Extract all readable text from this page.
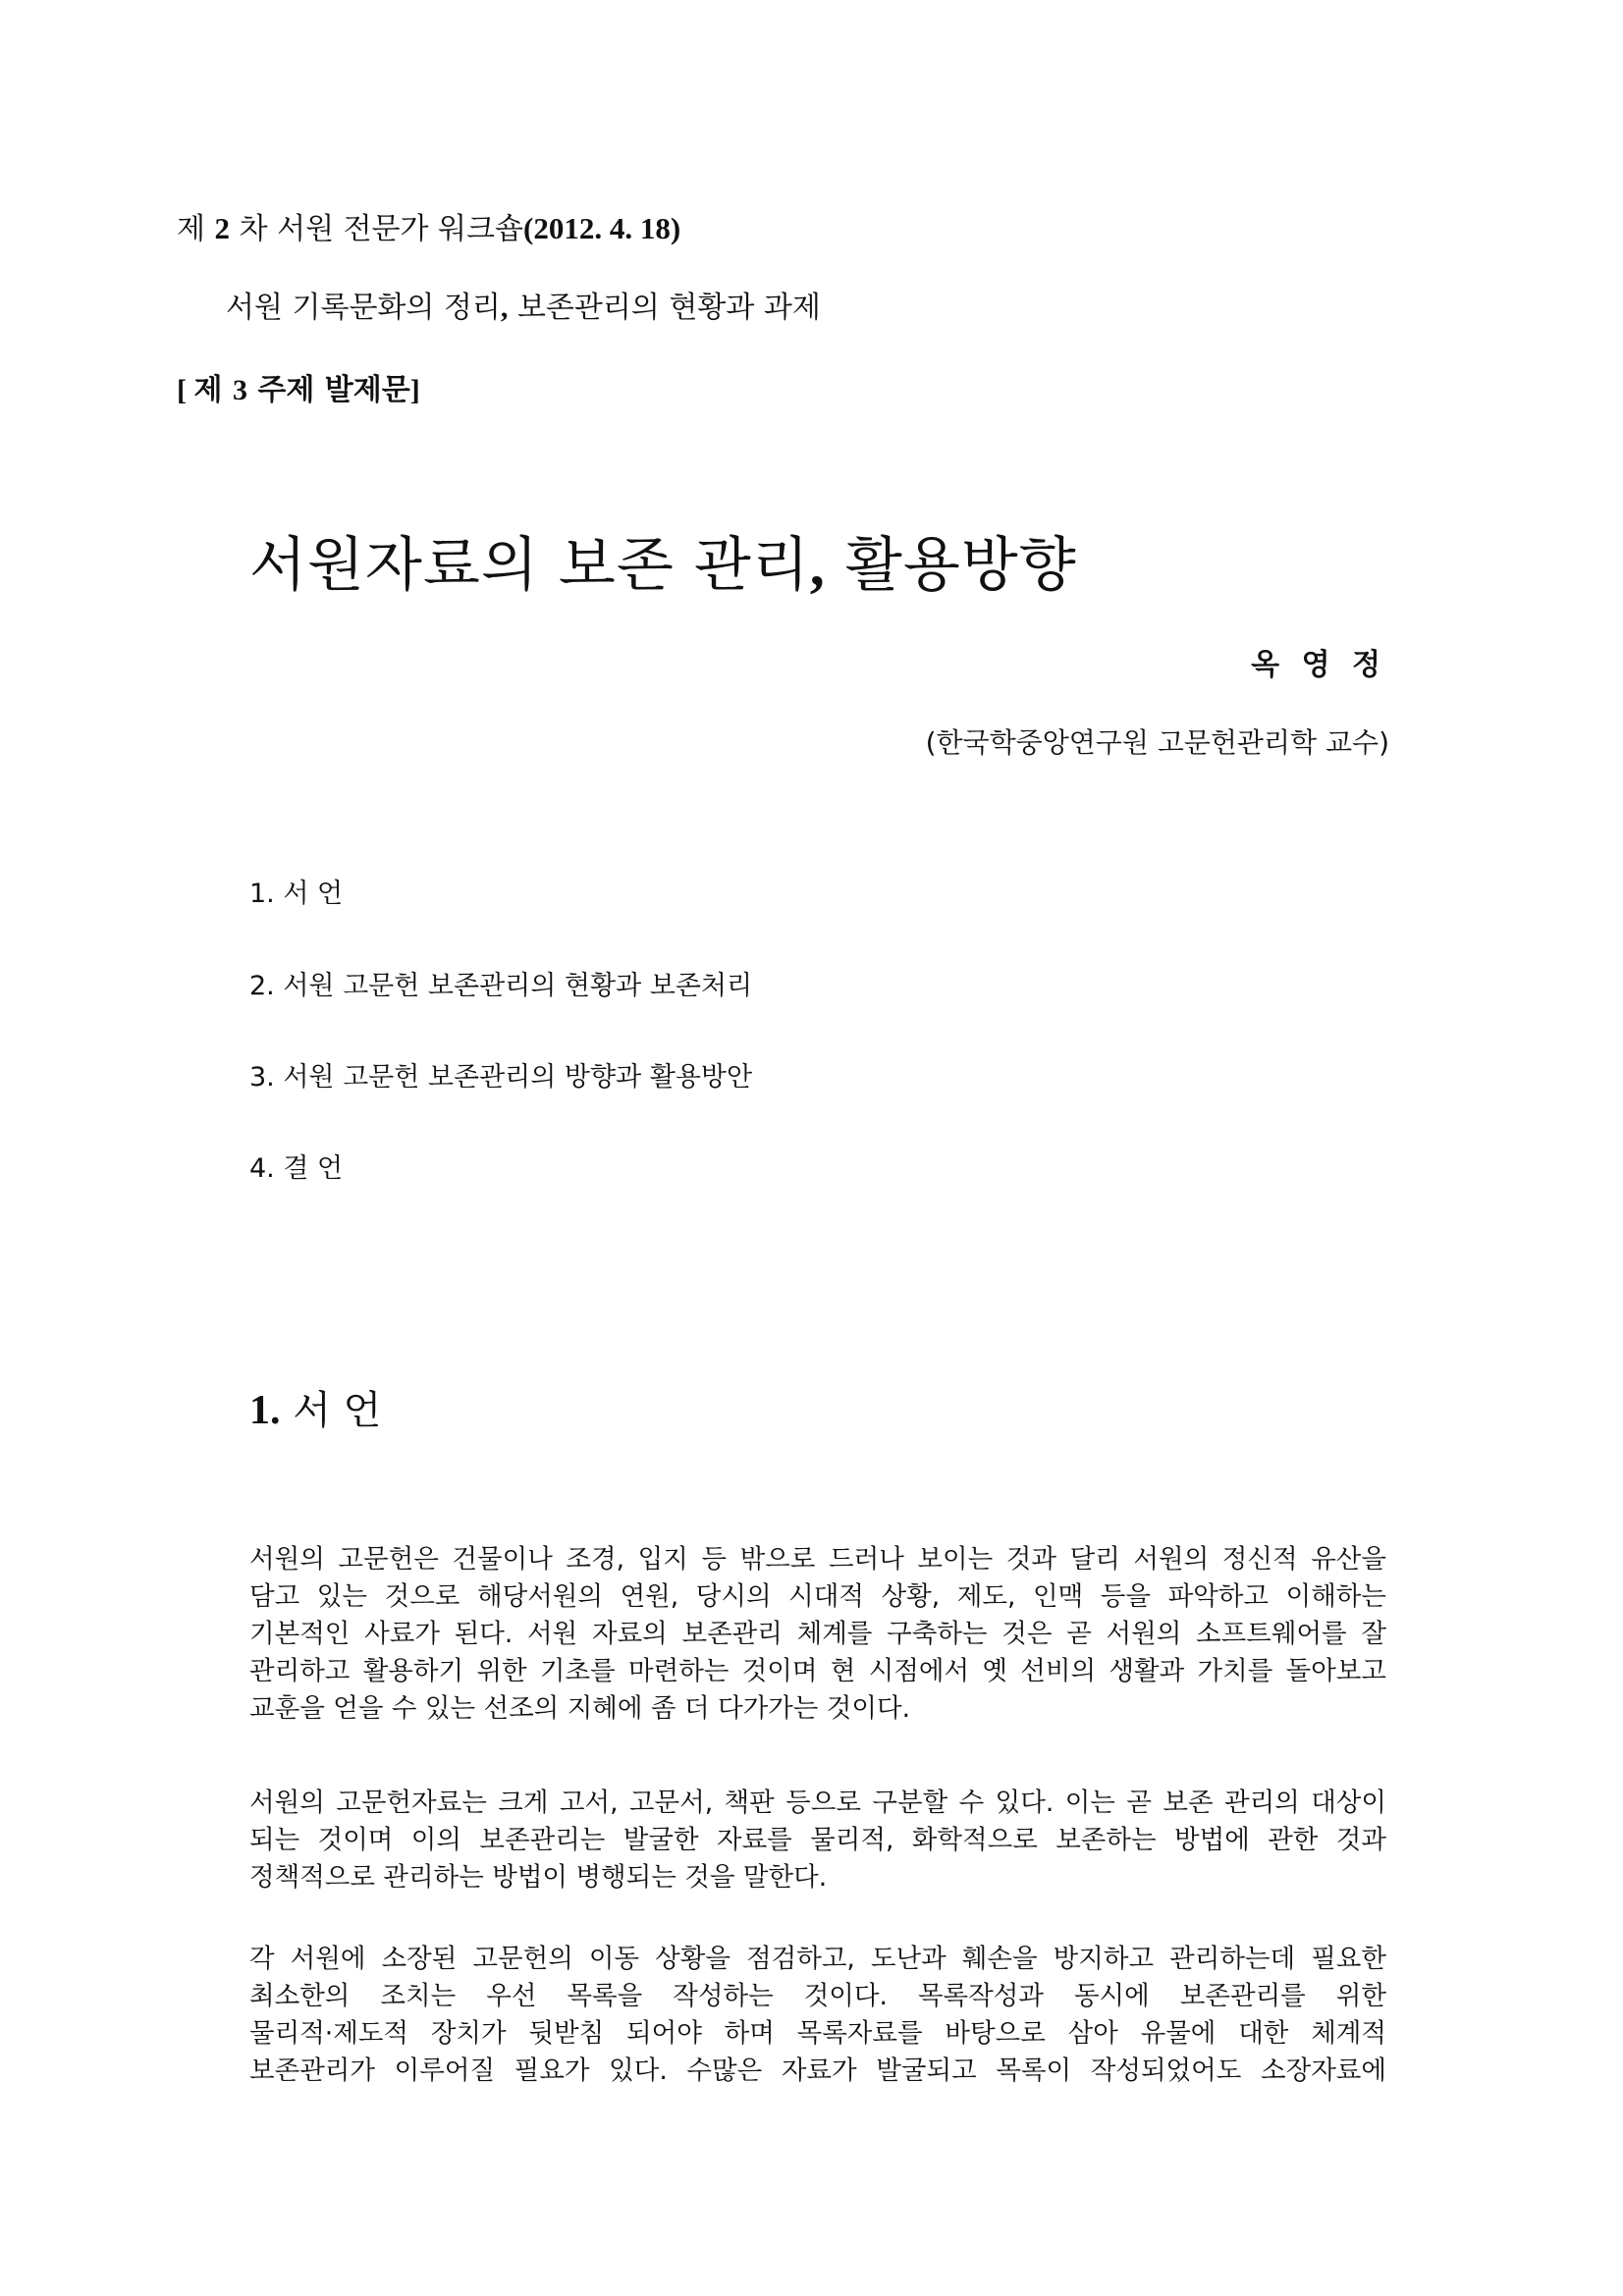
제 2 차 서원 전문가 워크숍(2012. 4. 18)
서원 기록문화의 정리, 보존관리의 현황과 과제
[ 제 3 주제 발제문]
서원자료의 보존 관리, 활용방향
옥 영 정
(한국학중앙연구원 고문헌관리학 교수)
1. 서 언
2. 서원 고문헌 보존관리의 현황과 보존처리
3. 서원 고문헌 보존관리의 방향과 활용방안
4. 결 언
1. 서 언
서원의 고문헌은 건물이나 조경, 입지 등 밖으로 드러나 보이는 것과 달리 서원의 정신적 유산을
담고 있는 것으로 해당서원의 연원, 당시의 시대적 상황, 제도, 인맥 등을 파악하고 이해하는
기본적인 사료가 된다. 서원 자료의 보존관리 체계를 구축하는 것은 곧 서원의 소프트웨어를 잘
관리하고 활용하기 위한 기초를 마련하는 것이며 현 시점에서 옛 선비의 생활과 가치를 돌아보고
교훈을 얻을 수 있는 선조의 지혜에 좀 더 다가가는 것이다.
서원의 고문헌자료는 크게 고서, 고문서, 책판 등으로 구분할 수 있다. 이는 곧 보존 관리의 대상이
되는 것이며 이의 보존관리는 발굴한 자료를 물리적, 화학적으로 보존하는 방법에 관한 것과
정책적으로 관리하는 방법이 병행되는 것을 말한다.
각 서원에 소장된 고문헌의 이동 상황을 점검하고, 도난과 훼손을 방지하고 관리하는데 필요한
최소한의 조치는 우선 목록을 작성하는 것이다. 목록작성과 동시에 보존관리를 위한
물리적·제도적 장치가 뒷받침 되어야 하며 목록자료를 바탕으로 삼아 유물에 대한 체계적
보존관리가 이루어질 필요가 있다. 수많은 자료가 발굴되고 목록이 작성되었어도 소장자료에
